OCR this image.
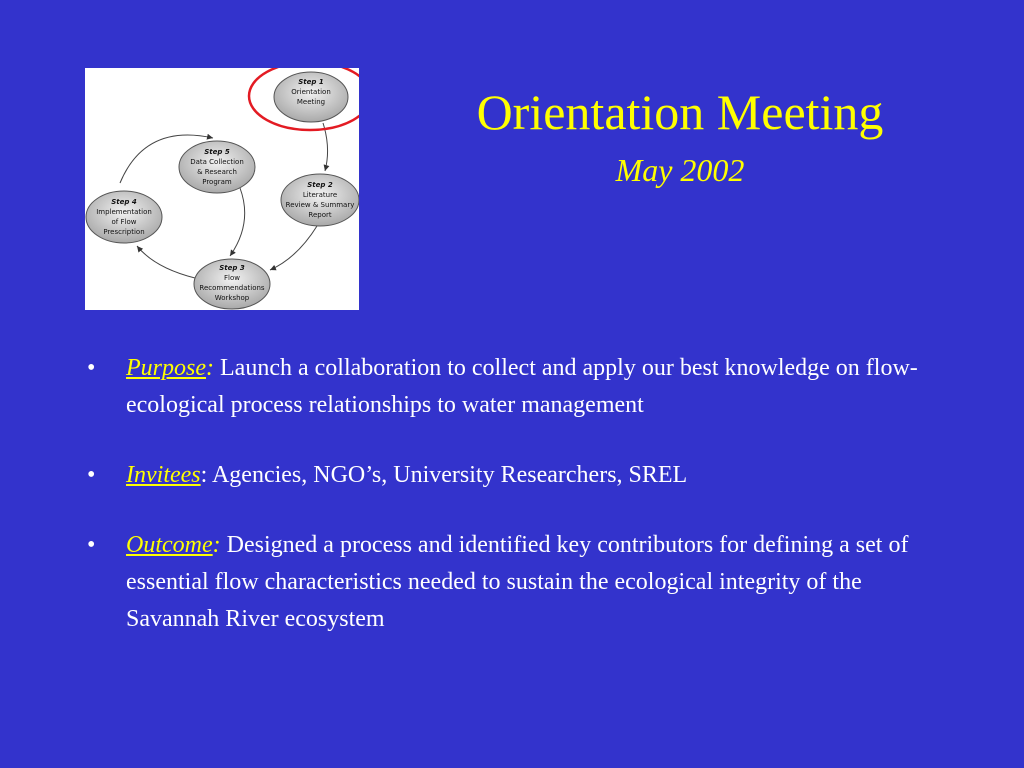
Step 1
Orientation
Meeting
Step 2
Literature
Review & Summary
Report
Step 3
Flow
Recommendations
Workshop
Step 4
Implementation
of Flow
Prescription
Step 5
Data Collection
& Research
Program
Orientation Meeting
May 2002
• Purpose: Launch a collaboration to collect and apply our best knowledge on flow-ecological process relationships to water management
• Invitees: Agencies, NGO’s, University Researchers, SREL
• Outcome: Designed a process and identified key contributors for defining a set of essential flow characteristics needed to sustain the ecological integrity of the Savannah River ecosystem
